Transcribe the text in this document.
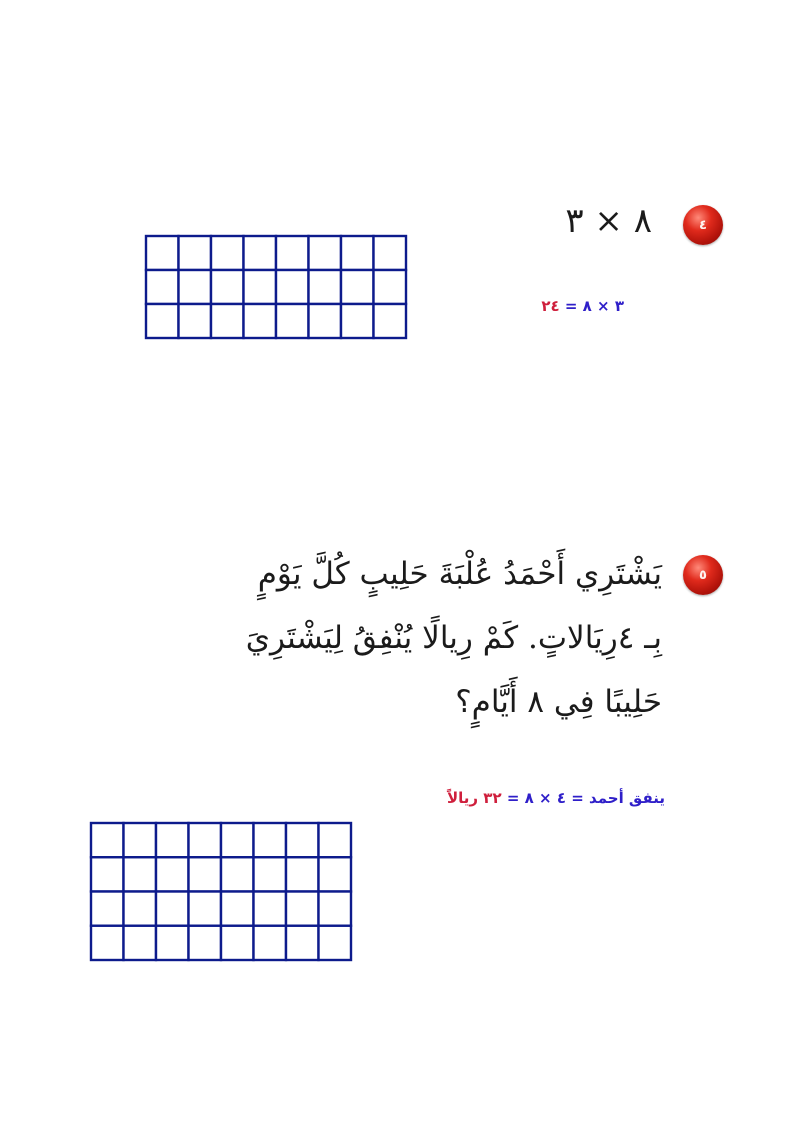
٤
٨ × ٣
٣ × ٨ = ٢٤
٥
يَشْتَرِي أَحْمَدُ عُلْبَةَ حَلِيبٍ كُلَّ يَوْمٍ
بِـ ٤رِيَالاتٍ. كَمْ رِيالًا يُنْفِقُ لِيَشْتَرِيَ
حَلِيبًا فِي ٨ أَيَّامٍ؟
ينفق أحمد = ٤ × ٨ = ٣٢ ريالاً
